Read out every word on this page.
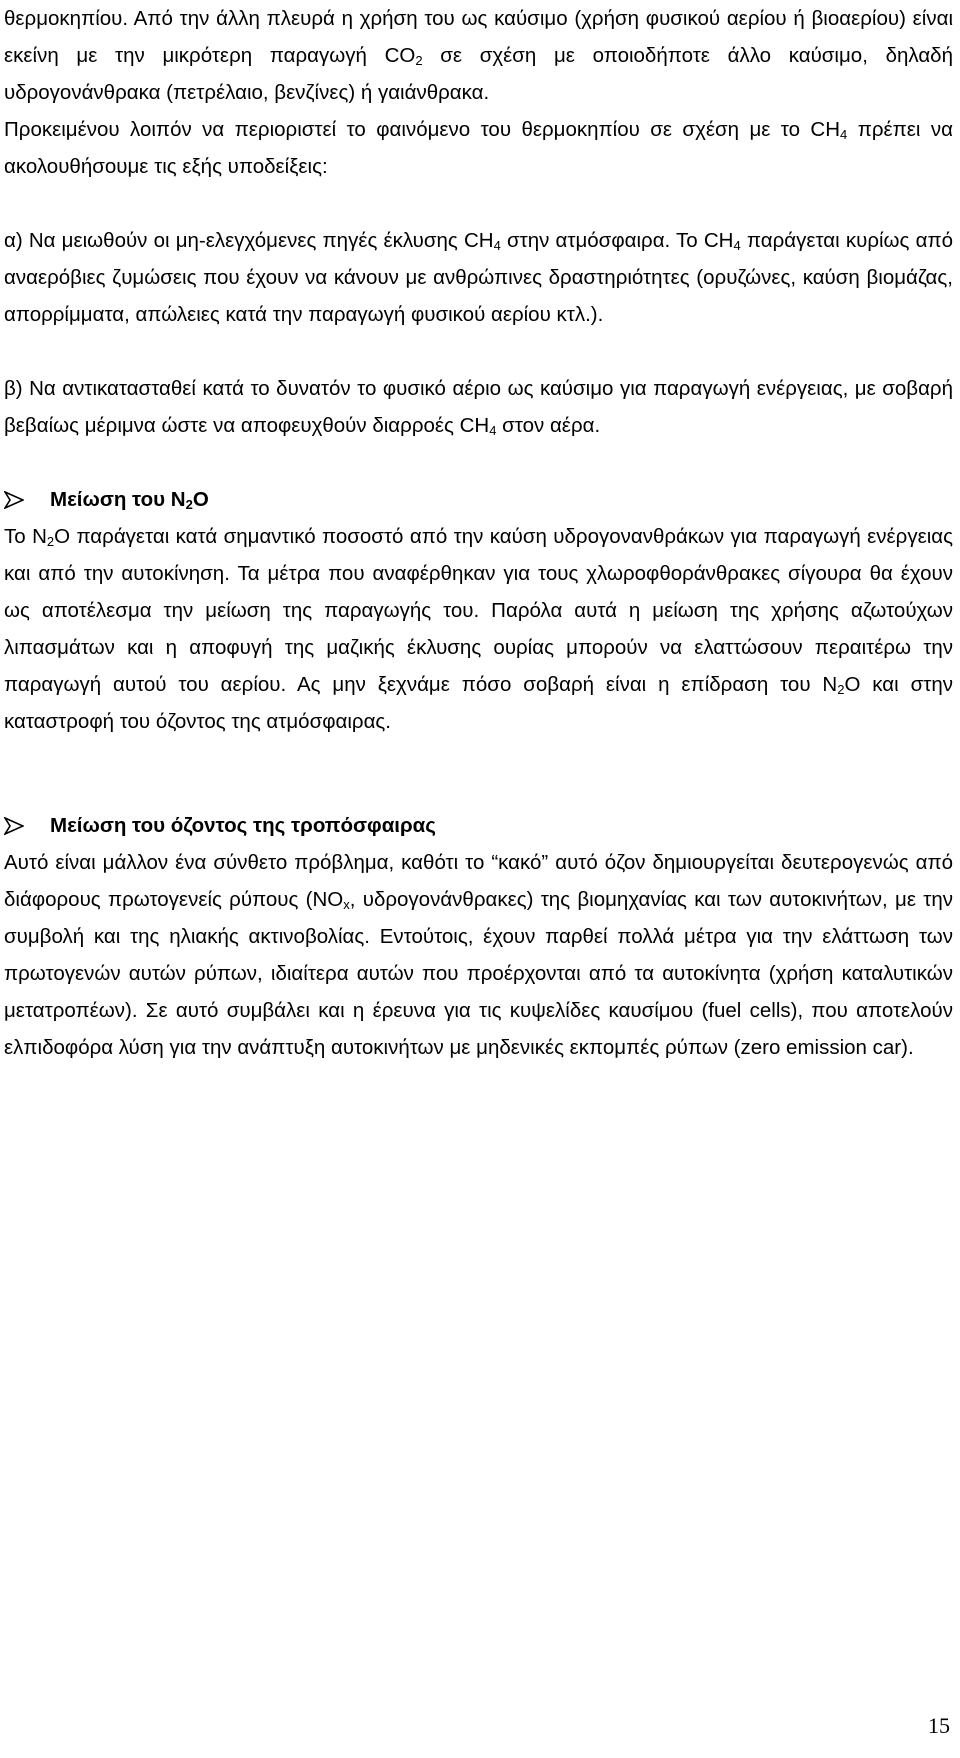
θερμοκηπίου. Από την άλλη πλευρά η χρήση του ως καύσιμο (χρήση φυσικού αερίου ή βιοαερίου) είναι εκείνη με την μικρότερη παραγωγή $CO_2$ σε σχέση με οποιοδήποτε άλλο καύσιμο, δηλαδή υδρογονάνθρακα (πετρέλαιο, βενζίνες) ή γαιάνθρακα.

Προκειμένου λοιπόν να περιοριστεί το φαινόμενο του θερμοκηπίου σε σχέση με το $CH_4$ πρέπει να ακολουθήσουμε τις εξής υποδείξεις:

α) Να μειωθούν οι μη-ελεγχόμενες πηγές έκλυσης $CH_4$ στην ατμόσφαιρα. Το $CH_4$ παράγεται κυρίως από αναερόβιες ζυμώσεις που έχουν να κάνουν με ανθρώπινες δραστηριότητες (ορυζώνες, καύση βιομάζας, απορρίμματα, απώλειες κατά την παραγωγή φυσικού αερίου κτλ.).

β) Να αντικατασταθεί κατά το δυνατόν το φυσικό αέριο ως καύσιμο για παραγωγή ενέργειας, με σοβαρή βεβαίως μέριμνα ώστε να αποφευχθούν διαρροές $CH_4$ στον αέρα.

Μείωση του $N_2O$

Το $N_2O$ παράγεται κατά σημαντικό ποσοστό από την καύση υδρογονανθράκων για παραγωγή ενέργειας και από την αυτοκίνηση. Τα μέτρα που αναφέρθηκαν για τους χλωροφθοράνθρακες σίγουρα θα έχουν ως αποτέλεσμα την μείωση της παραγωγής του. Παρόλα αυτά η μείωση της χρήσης αζωτούχων λιπασμάτων και η αποφυγή της μαζικής έκλυσης ουρίας μπορούν να ελαττώσουν περαιτέρω την παραγωγή αυτού του αερίου. Ας μην ξεχνάμε πόσο σοβαρή είναι η επίδραση του $N_2O$ και στην καταστροφή του όζοντος της ατμόσφαιρας.

Μείωση του όζοντος της τροπόσφαιρας

Αυτό είναι μάλλον ένα σύνθετο πρόβλημα, καθότι το “κακό” αυτό όζον δημιουργείται δευτερογενώς από διάφορους πρωτογενείς ρύπους ($NO_x$, υδρογονάνθρακες) της βιομηχανίας και των αυτοκινήτων, με την συμβολή και της ηλιακής ακτινοβολίας. Εντούτοις, έχουν παρθεί πολλά μέτρα για την ελάττωση των πρωτογενών αυτών ρύπων, ιδιαίτερα αυτών που προέρχονται από τα αυτοκίνητα (χρήση καταλυτικών μετατροπέων). Σε αυτό συμβάλει και η έρευνα για τις κυψελίδες καυσίμου (fuel cells), που αποτελούν ελπιδοφόρα λύση για την ανάπτυξη αυτοκινήτων με μηδενικές εκπομπές ρύπων (zero emission car).

15
